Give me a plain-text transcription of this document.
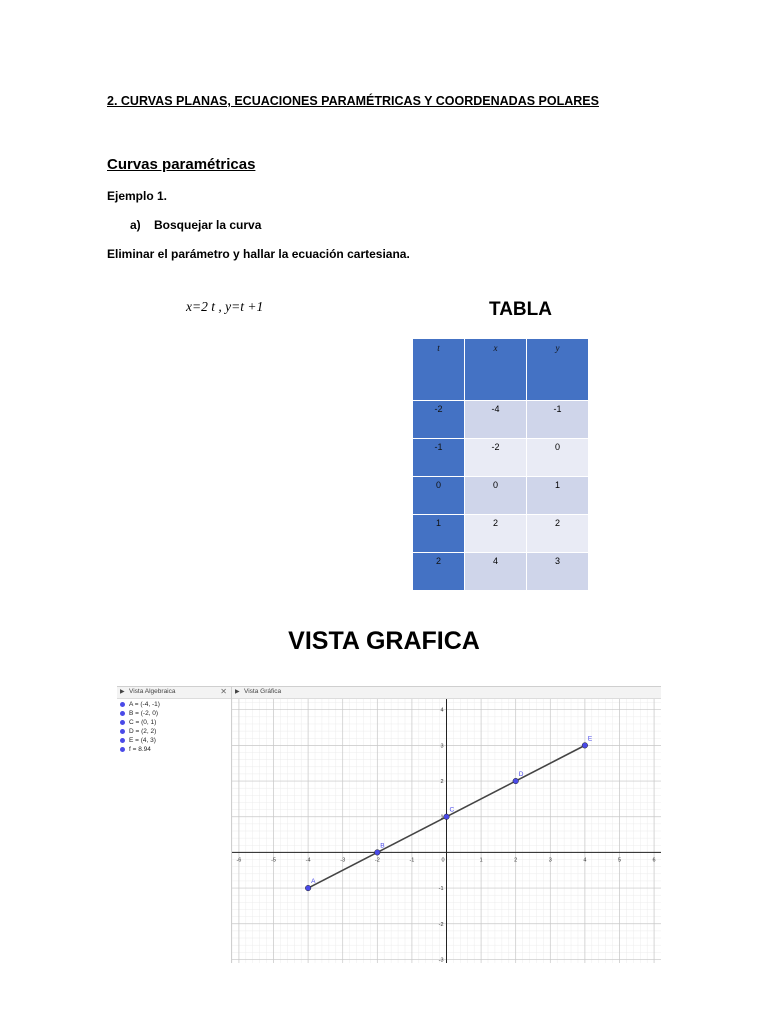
2. CURVAS PLANAS, ECUACIONES PARAMÉTRICAS Y COORDENADAS POLARES
Curvas paramétricas
Ejemplo 1.
a)    Bosquejar la curva
Eliminar el parámetro y hallar la ecuación cartesiana.
x=2 t , y=t +1	TABLA
t	x	y
-2	-4	-1
-1	-2	0
0	0	1
1	2	2
2	4	3
VISTA GRAFICA
▶ Vista Algebraica	✕
A = (-4, -1)
B = (-2, 0)
C = (0, 1)
D = (2, 2)
E = (4, 3)
f = 8.94
▶ Vista Gráfica
-6	-5	-4	-3	-2	-1	0	1	2	3	4	5	6
-3
-2
-1
1
2
3
4
A
B
C
D
E
